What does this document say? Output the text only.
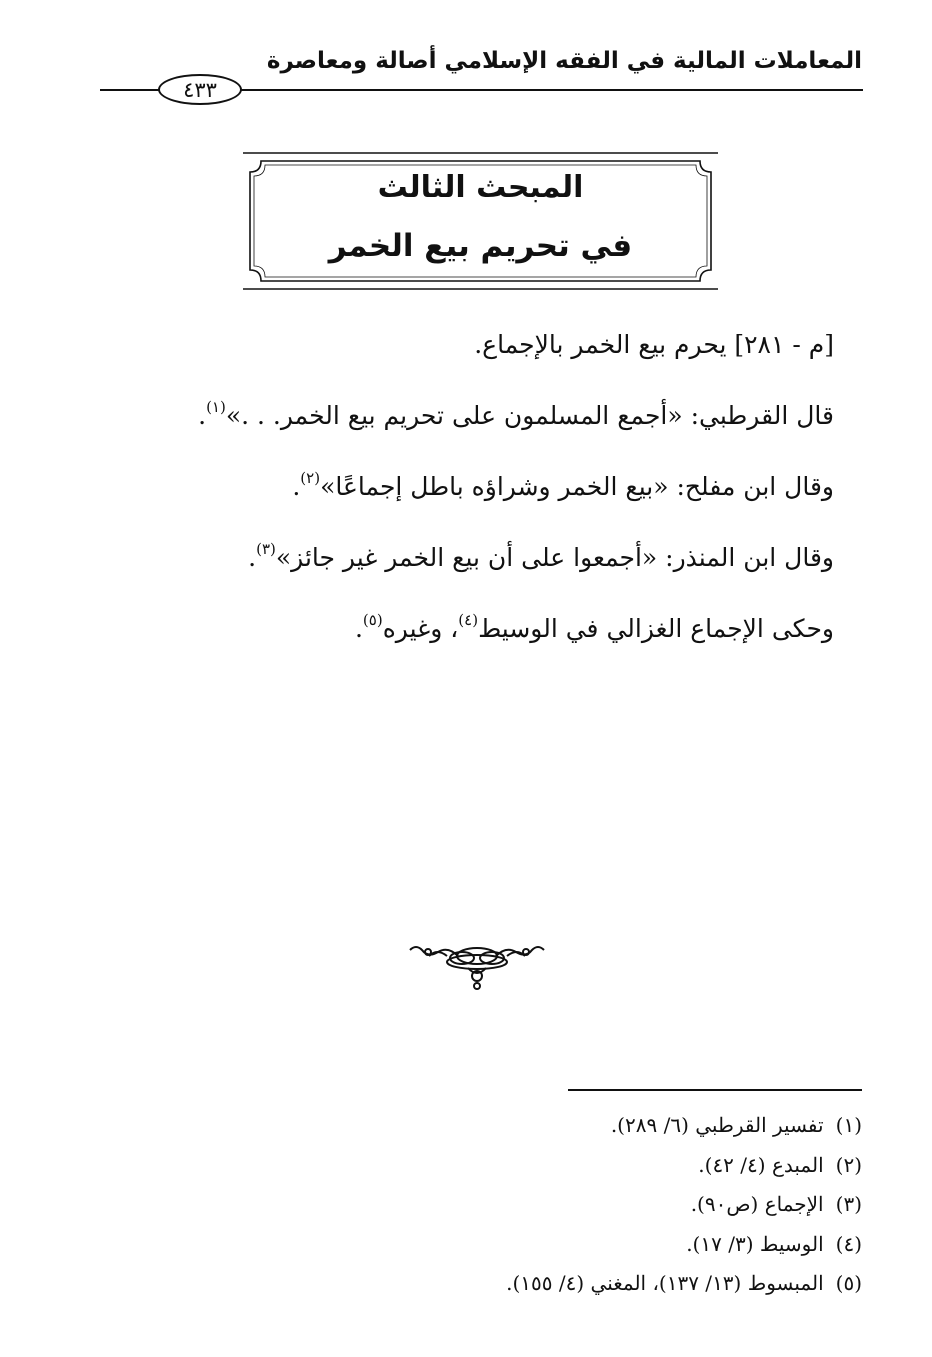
المعاملات المالية في الفقه الإسلامي أصالة ومعاصرة
٤٣٣
المبحث الثالث
في تحريم بيع الخمر

[م - ٢٨١] يحرم بيع الخمر بالإجماع.

قال القرطبي: «أجمع المسلمون على تحريم بيع الخمر. . .»$^{(١)}$.

وقال ابن مفلح: «بيع الخمر وشراؤه باطل إجماعًا»$^{(٢)}$.

وقال ابن المنذر: «أجمعوا على أن بيع الخمر غير جائز»$^{(٣)}$.

وحكى الإجماع الغزالي في الوسيط$^{(٤)}$، وغيره$^{(٥)}$.

(١)تفسير القرطبي (٦/ ٢٨٩).

(٢)المبدع (٤/ ٤٢).

(٣)الإجماع (ص٩٠).

(٤)الوسيط (٣/ ١٧).

(٥)المبسوط (١٣/ ١٣٧)، المغني (٤/ ١٥٥).
